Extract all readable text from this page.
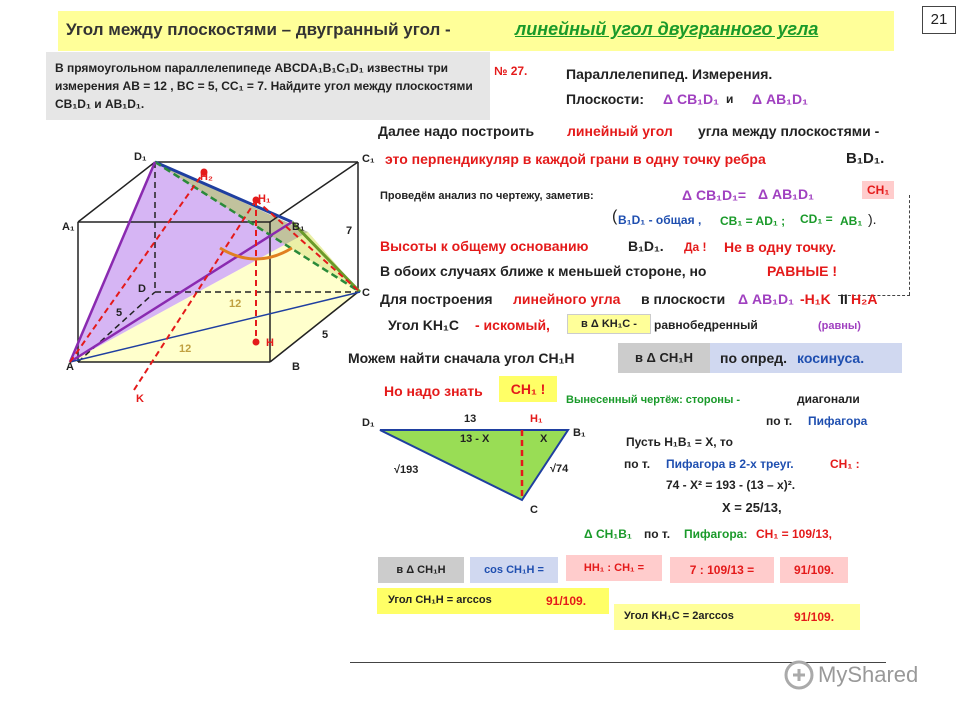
Угол между плоскостями – двугранный угол -	линейный угол двугранного угла	21
В прямоугольном параллелепипеде ABCDA₁B₁C₁D₁ известны три измерения AB = 12 , BC = 5, CC₁ = 7. Найдите угол между плоскостями CB₁D₁ и AB₁D₁.
№ 27.
D₁	C₁
A₁	B₁
D	C
A	B
H₁
H₂
H
K
12
12
5
5
7
Параллелепипед. Измерения.
Плоскости: Δ CB₁D₁ и Δ AB₁D₁
Далее надо построить линейный угол угла между плоскостями -
это перпендикуляр в каждой грани в одну точку ребра	B₁D₁.
Проведём анализ по чертежу, заметив:	Δ CB₁D₁= Δ AB₁D₁	CH₁
( B₁D₁ - общая , CB₁ = AD₁ ; CD₁ = AB₁ ).
Высоты к общему основанию	B₁D₁. Да ! Не в одну точку.
В обоих случаях ближе к меньшей стороне, но	РАВНЫЕ !
Для построения линейного угла в плоскости Δ AB₁D₁ -H₁K II H₂A
Угол KH₁C - искомый,	в Δ KH₁C -	равнобедренный	(равны)
Можем найти сначала угол CH₁H	в Δ CH₁H	по опред. косинуса.
Но надо знать	CH₁ !
Вынесенный чертёж: стороны -	диагонали
по т. Пифагора
Пусть H₁B₁ = X, то
по т. Пифагора в 2-х треуг.	CH₁ :
74 - X² = 193 - (13 – x)².
X = 25/13,
Δ CH₁B₁ по т. Пифагора: CH₁ = 109/13,
D₁	H₁
B₁
C
X
13
13 - X
√193	√74
в Δ CH₁H	cos CH₁H =	HH₁ : CH₁ =	7 : 109/13 =	91/109.
Угол CH₁H = arccos	91/109.
Угол KH₁C = 2arccos	91/109.
MyShared
